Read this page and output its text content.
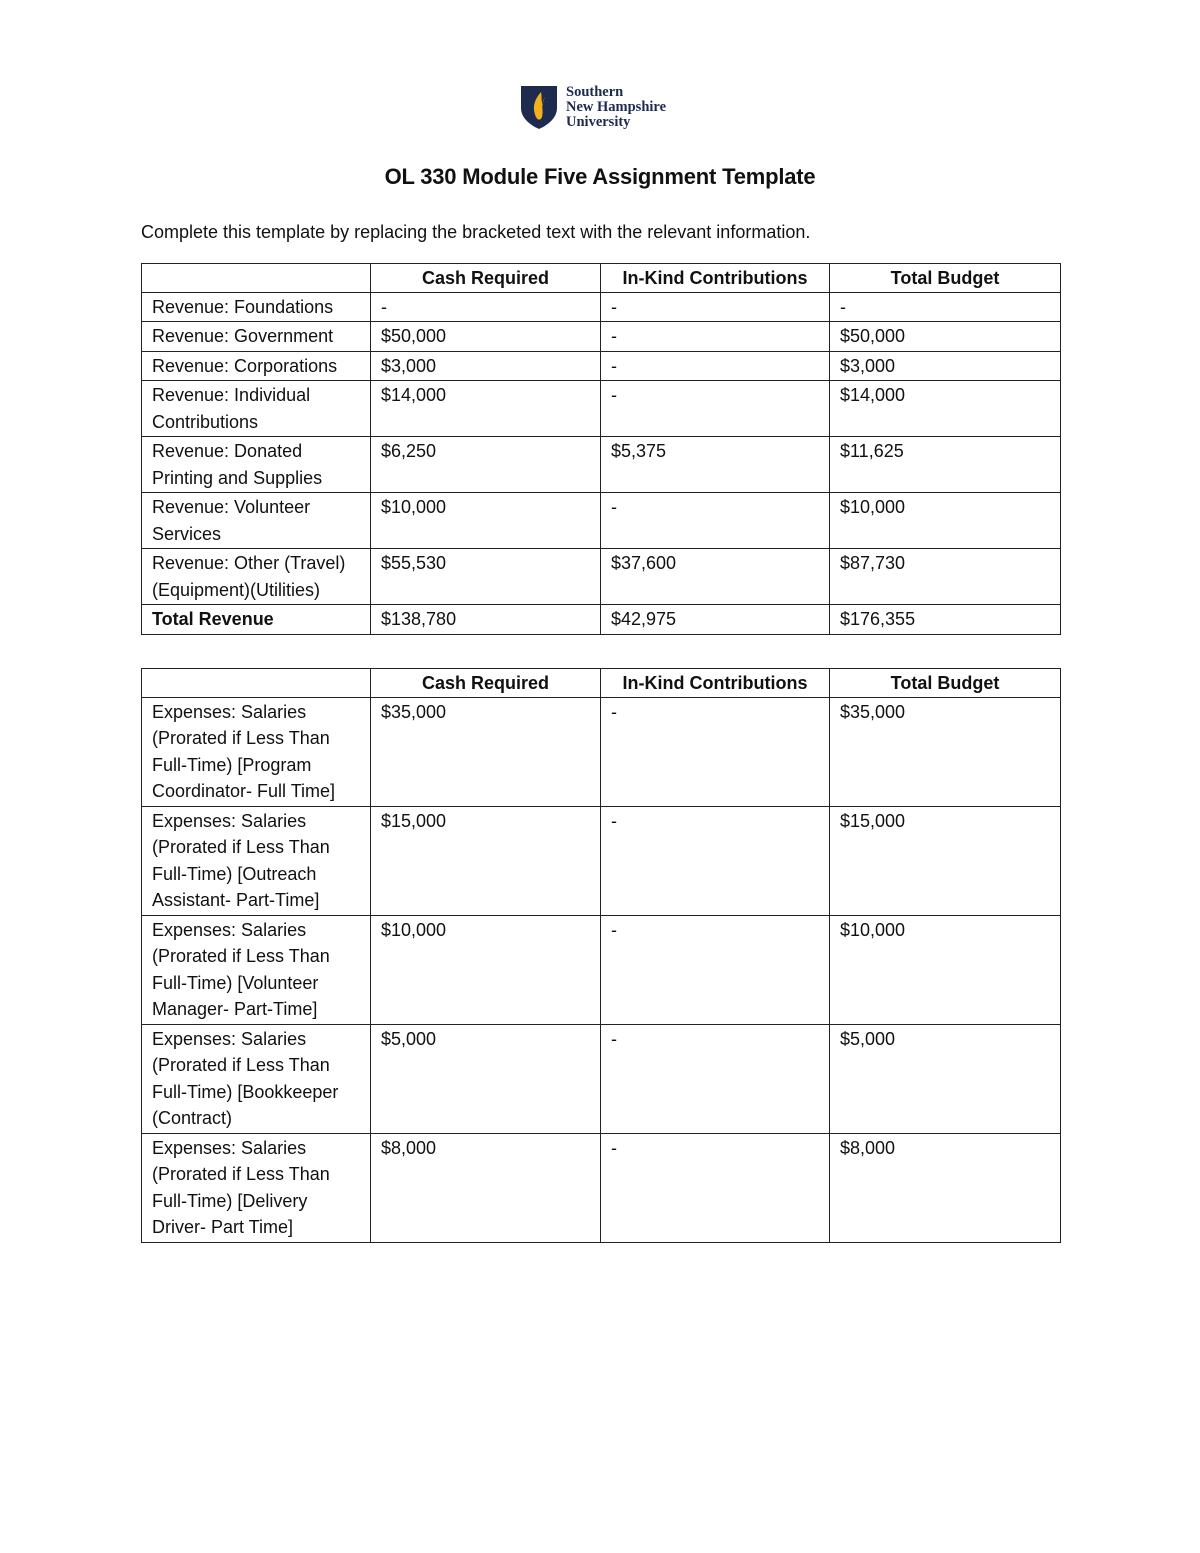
Southern
New Hampshire
University
OL 330 Module Five Assignment Template
Complete this template by replacing the bracketed text with the relevant information.
	Cash Required	In-Kind Contributions	Total Budget
Revenue: Foundations	-	-	-
Revenue: Government	$50,000	-	$50,000
Revenue: Corporations	$3,000	-	$3,000
Revenue: Individual Contributions	$14,000	-	$14,000
Revenue: Donated Printing and Supplies	$6,250	$5,375	$11,625
Revenue: Volunteer Services	$10,000	-	$10,000
Revenue: Other (Travel)(Equipment)(Utilities)	$55,530	$37,600	$87,730
Total Revenue	$138,780	$42,975	$176,355
	Cash Required	In-Kind Contributions	Total Budget
Expenses: Salaries (Prorated if Less Than Full-Time) [Program Coordinator- Full Time]	$35,000	-	$35,000
Expenses: Salaries (Prorated if Less Than Full-Time) [Outreach Assistant- Part-Time]	$15,000	-	$15,000
Expenses: Salaries (Prorated if Less Than Full-Time) [Volunteer Manager- Part-Time]	$10,000	-	$10,000
Expenses: Salaries (Prorated if Less Than Full-Time) [Bookkeeper (Contract)	$5,000	-	$5,000
Expenses: Salaries (Prorated if Less Than Full-Time) [Delivery Driver- Part Time]	$8,000	-	$8,000
